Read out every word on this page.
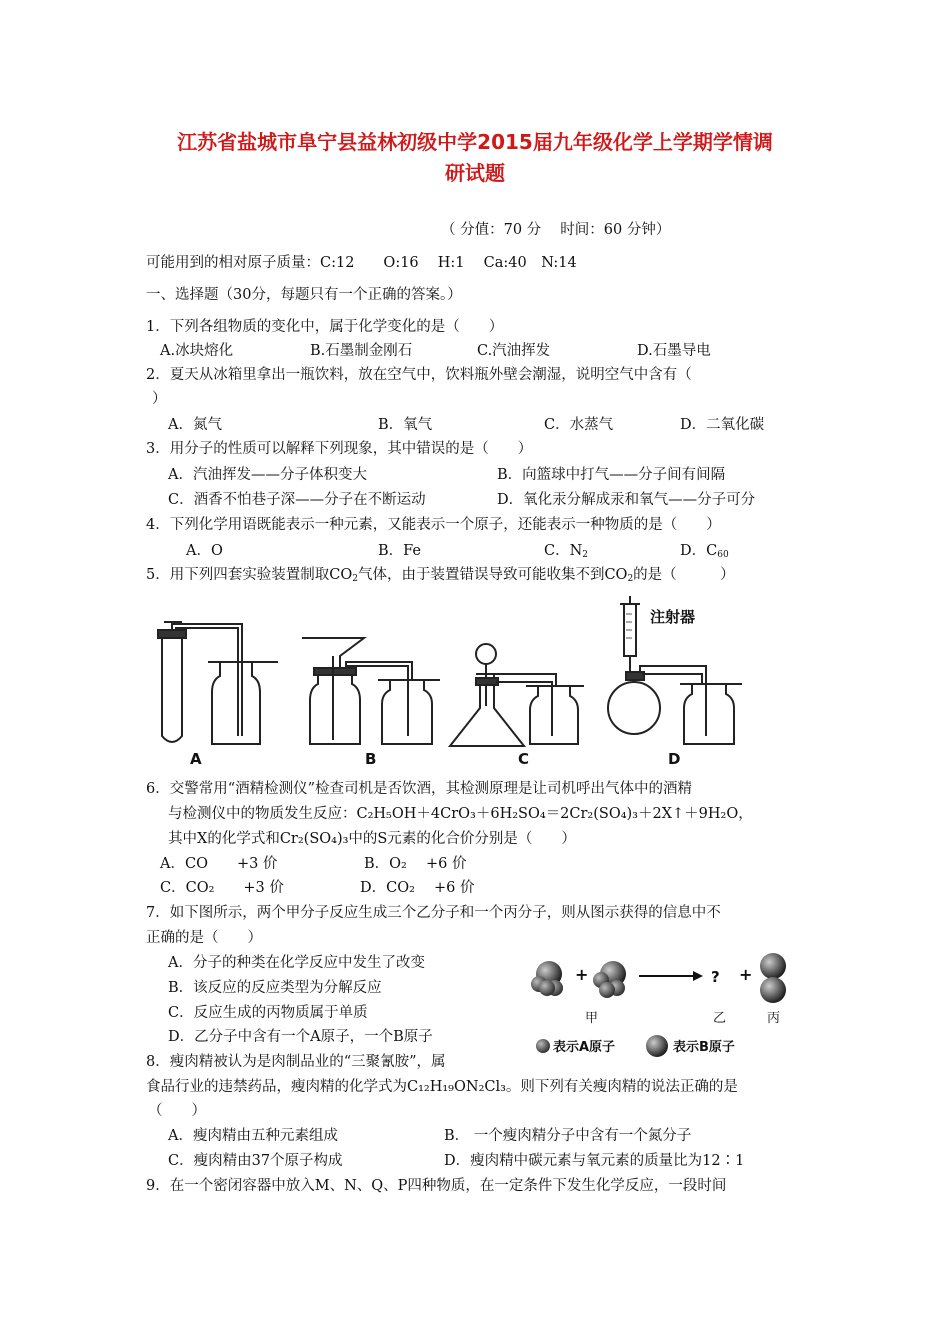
江苏省盐城市阜宁县益林初级中学2015届九年级化学上学期学情调
研试题
（ 分值：70 分　 时间：60 分钟）
可能用到的相对原子质量：C:12　　O:16　 H:1　 Ca:40　N:14
一、选择题（30分，每题只有一个正确的答案。）
1．下列各组物质的变化中，属于化学变化的是（　　）
A.冰块熔化	B.石墨制金刚石	C.汽油挥发	D.石墨导电
2．夏天从冰箱里拿出一瓶饮料，放在空气中，饮料瓶外壁会潮湿，说明空气中含有（
）
A．氮气	B．氧气	C．水蒸气	D．二氧化碳
3．用分子的性质可以解释下列现象，其中错误的是（　　）
A．汽油挥发——分子体积变大	B．向篮球中打气——分子间有间隔
C．酒香不怕巷子深——分子在不断运动	D．氧化汞分解成汞和氧气——分子可分
4．下列化学用语既能表示一种元素，又能表示一个原子，还能表示一种物质的是（　　）
A．O	B．Fe	C．$N_2$	D．$C_{60}$
5．用下列四套实验装置制取$CO_2$气体，由于装置错误导致可能收集不到$CO_2$的是（　　　）
注射器
A	B	C	D
6．交警常用“酒精检测仪”检查司机是否饮酒，其检测原理是让司机呼出气体中的酒精
与检测仪中的物质发生反应：C₂H₅OH＋4CrO₃＋6H₂SO₄＝2Cr₂(SO₄)₃＋2X↑＋9H₂O，
其中X的化学式和Cr₂(SO₄)₃中的S元素的化合价分别是（　　）
A．CO　　+3 价	B．O₂　 +6 价
C．CO₂　　+3 价	D．CO₂　 +6 价
7．如下图所示，两个甲分子反应生成三个乙分子和一个丙分子，则从图示获得的信息中不
正确的是（　　）
A．分子的种类在化学反应中发生了改变
B．该反应的反应类型为分解反应
C．反应生成的丙物质属于单质
D．乙分子中含有一个A原子，一个B原子
+	? +
甲	乙	丙
表示A原子	表示B原子
8．瘦肉精被认为是肉制品业的“三聚氰胺”，属
食品行业的违禁药品，瘦肉精的化学式为C₁₂H₁₉ON₂Cl₃。则下列有关瘦肉精的说法正确的是
（　　）
A．瘦肉精由五种元素组成	B． 一个瘦肉精分子中含有一个氮分子
C．瘦肉精由37个原子构成	D．瘦肉精中碳元素与氧元素的质量比为12∶1
9．在一个密闭容器中放入M、N、Q、P四种物质，在一定条件下发生化学反应，一段时间
